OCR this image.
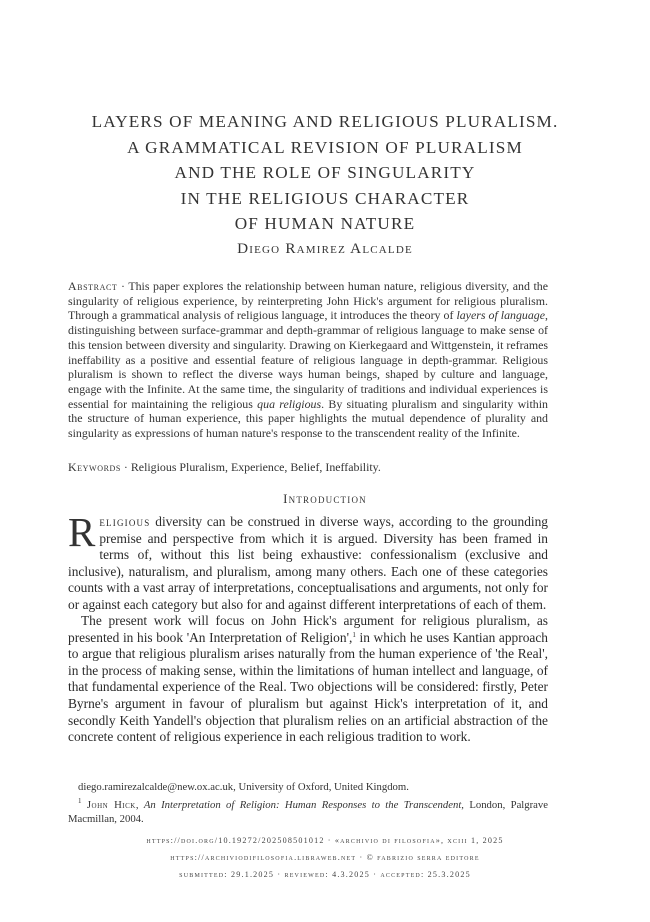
LAYERS OF MEANING AND RELIGIOUS PLURALISM.
A GRAMMATICAL REVISION OF PLURALISM
AND THE ROLE OF SINGULARITY
IN THE RELIGIOUS CHARACTER
OF HUMAN NATURE
Diego Ramirez Alcalde
Abstract · This paper explores the relationship between human nature, religious diversity, and the singularity of religious experience, by reinterpreting John Hick's argument for religious pluralism. Through a grammatical analysis of religious language, it introduces the theory of layers of language, distinguishing between surface-grammar and depth-grammar of religious language to make sense of this tension between diversity and singularity. Drawing on Kierkegaard and Wittgenstein, it reframes ineffability as a positive and essential feature of religious language in depth-grammar. Religious pluralism is shown to reflect the diverse ways human beings, shaped by culture and language, engage with the Infinite. At the same time, the singularity of traditions and individual experiences is essential for maintaining the religious qua religious. By situating pluralism and singularity within the structure of human experience, this paper highlights the mutual dependence of plurality and singularity as expressions of human nature's response to the transcendent reality of the Infinite.
Keywords · Religious Pluralism, Experience, Belief, Ineffability.
Introduction

Religious diversity can be construed in diverse ways, according to the grounding premise and perspective from which it is argued. Diversity has been framed in terms of, without this list being exhaustive: confessionalism (exclusive and inclusive), naturalism, and pluralism, among many others. Each one of these categories counts with a vast array of interpretations, conceptualisations and arguments, not only for or against each category but also for and against different interpretations of each of them.

The present work will focus on John Hick's argument for religious pluralism, as presented in his book 'An Interpretation of Religion',$^1$ in which he uses Kantian approach to argue that religious pluralism arises naturally from the human experience of 'the Real', in the process of making sense, within the limitations of human intellect and language, of that fundamental experience of the Real. Two objections will be considered: firstly, Peter Byrne's argument in favour of pluralism but against Hick's interpretation of it, and secondly Keith Yandell's objection that pluralism relies on an artificial abstraction of the concrete content of religious experience in each religious tradition to work.

diego.ramirezalcalde@new.ox.ac.uk, University of Oxford, United Kingdom.

$^1$ John Hick, An Interpretation of Religion: Human Responses to the Transcendent, London, Palgrave Macmillan, 2004.

https://doi.org/10.19272/202508501012 · «archivio di filosofia», xciii 1, 2025
https://archiviodifilosofia.libraweb.net · © fabrizio serra editore
submitted: 29.1.2025 · reviewed: 4.3.2025 · accepted: 25.3.2025
